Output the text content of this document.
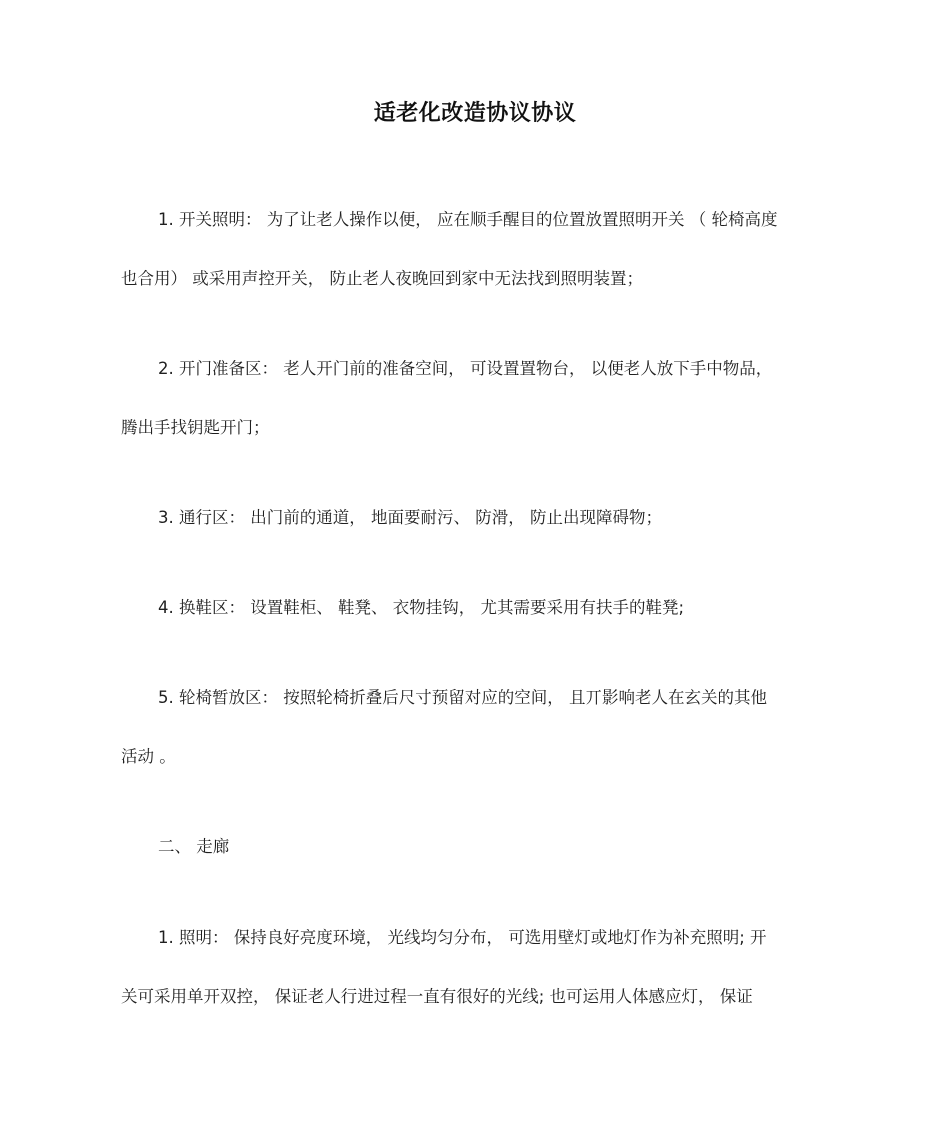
适老化改造协议协议

1. 开关照明： 为了让老人操作以便， 应在顺手醒目的位置放置照明开关 （ 轮椅高度
也合用） 或采用声控开关， 防止老人夜晚回到家中无法找到照明装置；

2. 开门准备区： 老人开门前的准备空间， 可设置置物台， 以便老人放下手中物品，
腾出手找钥匙开门；

3. 通行区： 出门前的通道， 地面要耐污、 防滑， 防止出现障碍物；

4. 换鞋区： 设置鞋柜、 鞋凳、 衣物挂钩， 尤其需要采用有扶手的鞋凳;

5. 轮椅暂放区： 按照轮椅折叠后尺寸预留对应的空间， 且丌影响老人在玄关的其他
活动 。

二、 走廊

1. 照明： 保持良好亮度环境， 光线均匀分布， 可选用壁灯或地灯作为补充照明; 开
关可采用单开双控， 保证老人行进过程一直有很好的光线; 也可运用人体感应灯， 保证
